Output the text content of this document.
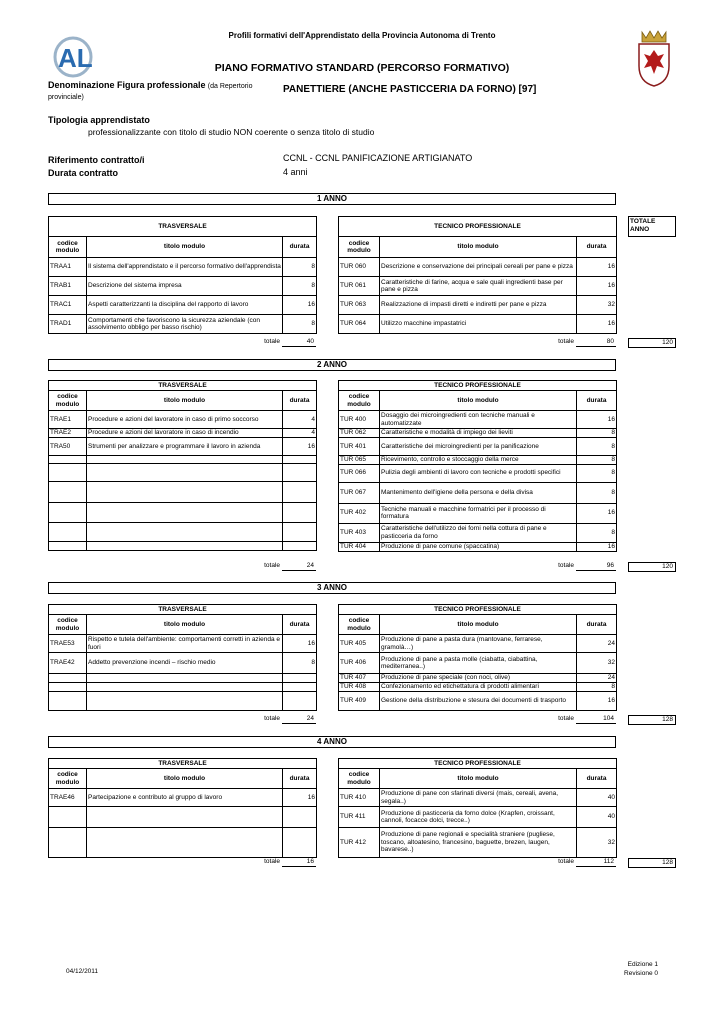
Profili formativi dell'Apprendistato della Provincia Autonoma di Trento
AL	PIANO FORMATIVO STANDARD (PERCORSO FORMATIVO)
Denominazione Figura professionale (da Repertorio provinciale)
PANETTIERE (ANCHE PASTICCERIA DA FORNO) [97]
Tipologia apprendistato
professionalizzante con titolo di studio NON coerente o senza titolo di studio
Riferimento contratto/i	CCNL - CCNL PANIFICAZIONE ARTIGIANATO
Durata contratto	4 anni
TOTALE ANNO
1 ANNO
TRASVERSALE		
codice modulo	titolo modulo	durata
TRAA1	Il sistema dell'apprendistato e il percorso formativo dell'apprendista	8
TRAB1	Descrizione del sistema impresa	8
TRAC1	Aspetti caratterizzanti la disciplina del rapporto di lavoro	16
TRAD1	Comportamenti che favoriscono la sicurezza aziendale (con assolvimento obbligo per basso rischio)	8
TECNICO PROFESSIONALE		
codice modulo	titolo modulo	durata
TUR 060	Descrizione e conservazione dei principali cereali per pane e pizza	16
TUR 061	Caratteristiche di farine, acqua e sale quali ingredienti base per pane e pizza	16
TUR 063	Realizzazione di impasti diretti e indiretti per pane e pizza	32
TUR 064	Utilizzo macchine impastatrici	16
totale	40	totale	80	120
2 ANNO
TRASVERSALE		
codice modulo	titolo modulo	durata
TRAE1	Procedure e azioni del lavoratore in caso di primo soccorso	4
TRAE2	Procedure e azioni del lavoratore in caso di incendio	4
TRA50	Strumenti per analizzare e programmare il lavoro in azienda	16

TECNICO PROFESSIONALE		
codice modulo	titolo modulo	durata
TUR 400	Dosaggio dei microingredienti con tecniche manuali e automatizzate	16
TUR 062	Caratteristiche e modalità di impiego dei lieviti	8
TUR 401	Caratteristiche dei microingredienti per la panificazione	8
TUR 065	Ricevimento, controllo e stoccaggio della merce	8
TUR 066	Pulizia degli ambienti di lavoro con tecniche e prodotti specifici	8
TUR 067	Mantenimento dell'igiene della persona e della divisa	8
TUR 402	Tecniche manuali e macchine formatrici per il processo di formatura	16
TUR 403	Caratteristiche dell'utilizzo dei forni nella cottura di pane e pasticceria da forno	8
TUR 404	Produzione di pane comune (spaccatina)	16
totale	24	totale	96	120
3 ANNO
TRASVERSALE		
codice modulo	titolo modulo	durata
TRAE53	Rispetto e tutela dell'ambiente: comportamenti corretti in azienda e fuori	16
TRAE42	Addetto prevenzione incendi – rischio medio	8

TECNICO PROFESSIONALE		
codice modulo	titolo modulo	durata
TUR 405	Produzione di pane a pasta dura (mantovane, ferrarese, gramolà…)	24
TUR 406	Produzione di pane a pasta molle (ciabatta, ciabattina, mediterranea..)	32
TUR 407	Produzione di pane speciale (con noci, olive)	24
TUR 408	Confezionamento ed etichettatura di prodotti alimentari	8
TUR 409	Gestione della distribuzione e stesura dei documenti di trasporto	16
totale	24	totale	104	128
4 ANNO
TRASVERSALE		
codice modulo	titolo modulo	durata
TRAE46	Partecipazione e contributo al gruppo di lavoro	16

TECNICO PROFESSIONALE		
codice modulo	titolo modulo	durata
TUR 410	Produzione di pane con sfarinati diversi (mais, cereali, avena, segala..)	40
TUR 411	Produzione di pasticceria da forno dolce (Krapfen, croissant, cannoli, focacce dolci, trecce..)	40
TUR 412	Produzione di pane regionali e specialità straniere (pugliese, toscano, altoatesino, francesino, baguette, brezen, laugen, bavarese..)	32
totale	16	totale	112	128
04/12/2011
Edizione 1
Revisione 0
